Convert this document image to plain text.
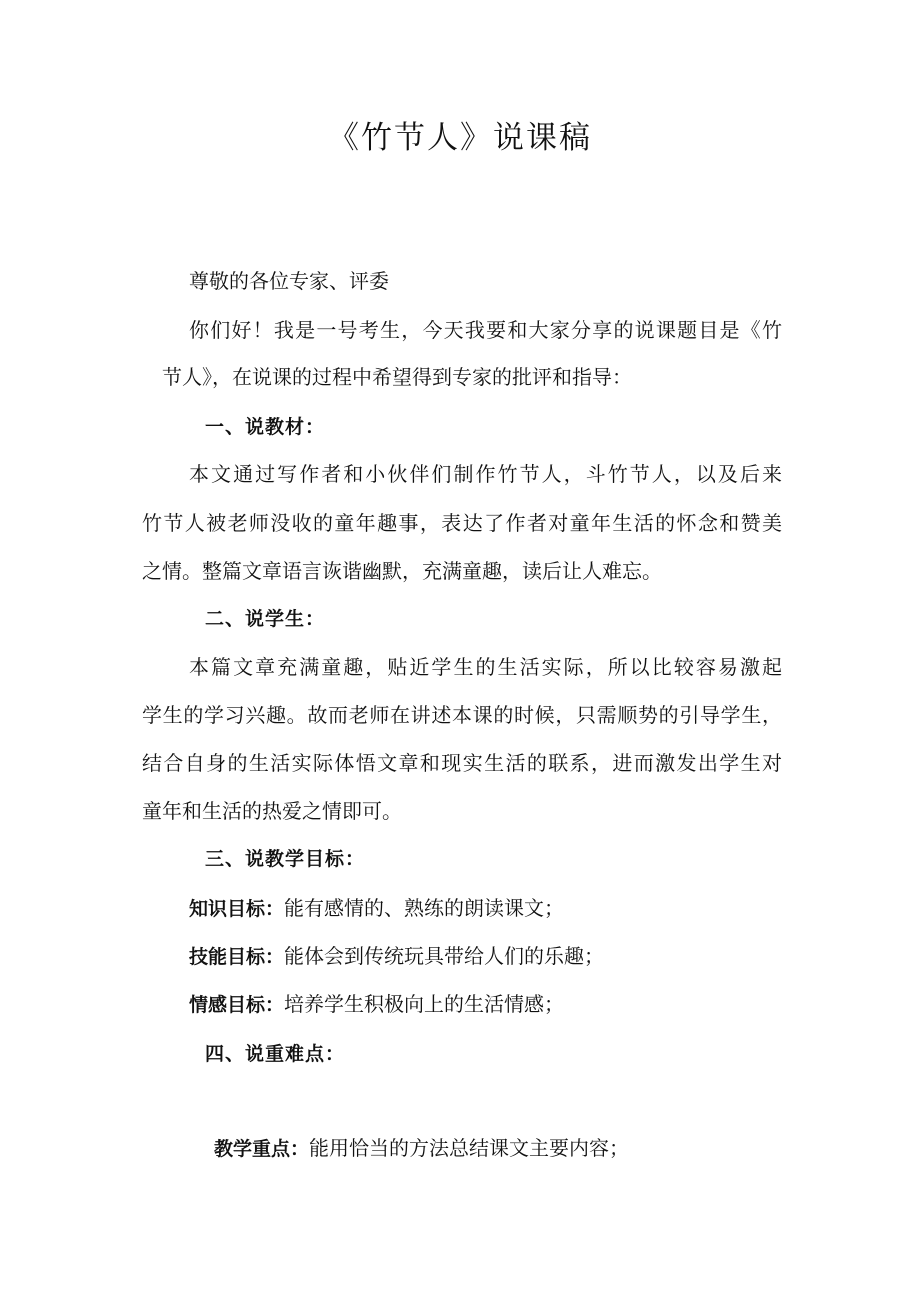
《竹节人》说课稿
尊敬的各位专家、评委
你们好！我是一号考生，今天我要和大家分享的说课题目是《竹
节人》，在说课的过程中希望得到专家的批评和指导：
一、说教材：
本文通过写作者和小伙伴们制作竹节人，斗竹节人，以及后来
竹节人被老师没收的童年趣事，表达了作者对童年生活的怀念和赞美
之情。整篇文章语言诙谐幽默，充满童趣，读后让人难忘。
二、说学生：
本篇文章充满童趣，贴近学生的生活实际，所以比较容易激起
学生的学习兴趣。故而老师在讲述本课的时候，只需顺势的引导学生，
结合自身的生活实际体悟文章和现实生活的联系，进而激发出学生对
童年和生活的热爱之情即可。
三、说教学目标：
知识目标：能有感情的、熟练的朗读课文；
技能目标：能体会到传统玩具带给人们的乐趣；
情感目标：培养学生积极向上的生活情感；
四、说重难点：
教学重点：能用恰当的方法总结课文主要内容；
